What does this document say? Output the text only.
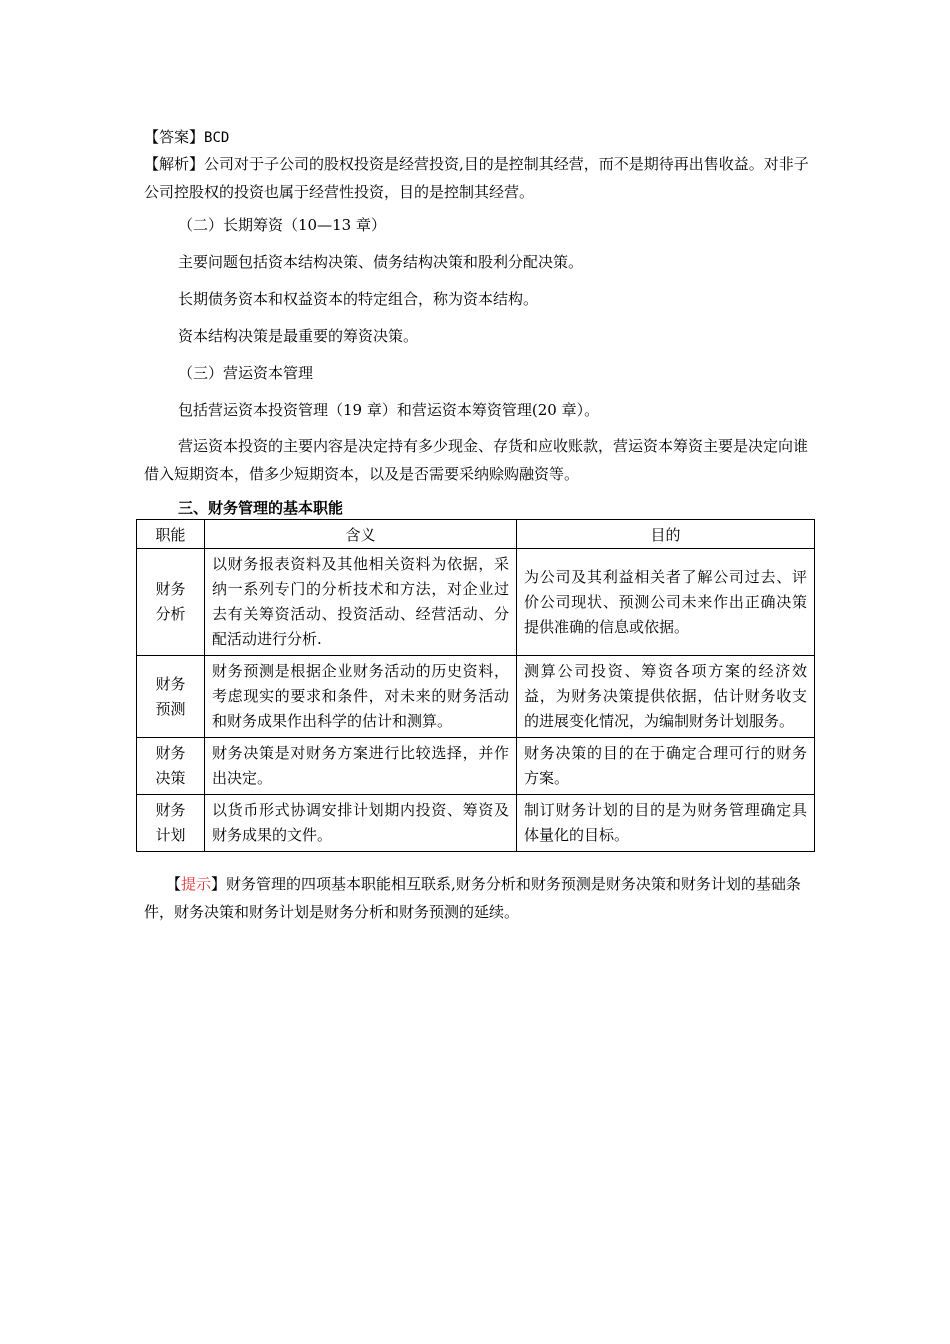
【答案】BCD
【解析】公司对于子公司的股权投资是经营投资,目的是控制其经营，而不是期待再出售收益。对非子公司控股权的投资也属于经营性投资，目的是控制其经营。
（二）长期筹资（10—13 章）
主要问题包括资本结构决策、债务结构决策和股利分配决策。
长期债务资本和权益资本的特定组合，称为资本结构。
资本结构决策是最重要的筹资决策。
（三）营运资本管理
包括营运资本投资管理（19 章）和营运资本筹资管理(20 章）。
营运资本投资的主要内容是决定持有多少现金、存货和应收账款，营运资本筹资主要是决定向谁借入短期资本，借多少短期资本，以及是否需要采纳赊购融资等。
三、财务管理的基本职能
职能	含义	目的
财务
分析	以财务报表资料及其他相关资料为依据，采纳一系列专门的分析技术和方法，对企业过去有关筹资活动、投资活动、经营活动、分配活动进行分析.	为公司及其利益相关者了解公司过去、评价公司现状、预测公司未来作出正确决策提供准确的信息或依据。
财务
预测	财务预测是根据企业财务活动的历史资料，考虑现实的要求和条件，对未来的财务活动和财务成果作出科学的估计和测算。	测算公司投资、筹资各项方案的经济效益，为财务决策提供依据，估计财务收支的进展变化情况，为编制财务计划服务。
财务
决策	财务决策是对财务方案进行比较选择，并作出决定。	财务决策的目的在于确定合理可行的财务方案。
财务
计划	以货币形式协调安排计划期内投资、筹资及财务成果的文件。	制订财务计划的目的是为财务管理确定具体量化的目标。
【提示】财务管理的四项基本职能相互联系,财务分析和财务预测是财务决策和财务计划的基础条件，财务决策和财务计划是财务分析和财务预测的延续。
